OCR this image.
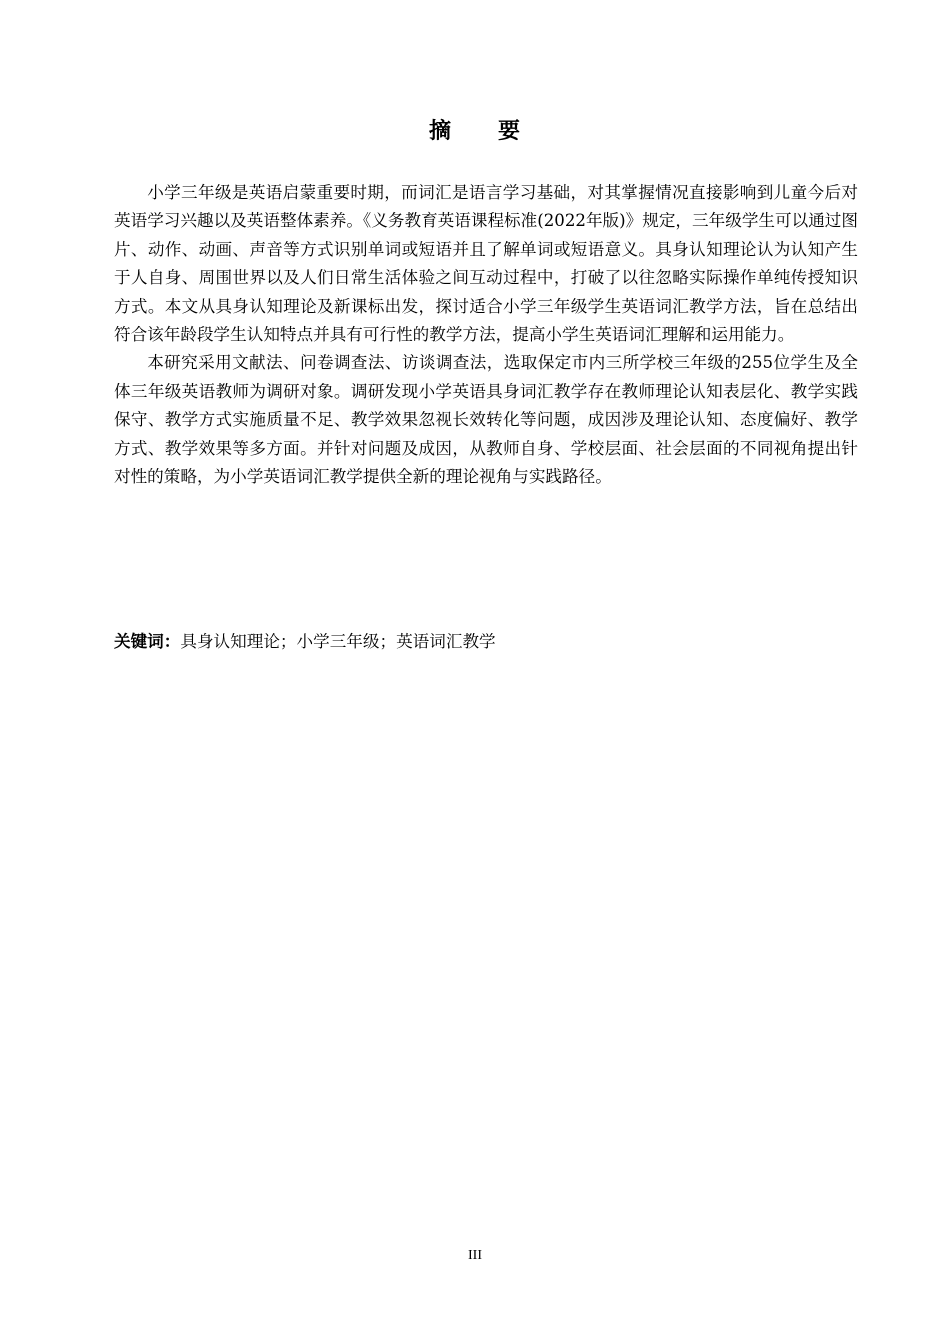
摘 要

小学三年级是英语启蒙重要时期，而词汇是语言学习基础，对其掌握情况直接影响到儿童今后对英语学习兴趣以及英语整体素养。《义务教育英语课程标准(2022年版)》规定，三年级学生可以通过图片、动作、动画、声音等方式识别单词或短语并且了解单词或短语意义。具身认知理论认为认知产生于人自身、周围世界以及人们日常生活体验之间互动过程中，打破了以往忽略实际操作单纯传授知识方式。本文从具身认知理论及新课标出发，探讨适合小学三年级学生英语词汇教学方法，旨在总结出符合该年龄段学生认知特点并具有可行性的教学方法，提高小学生英语词汇理解和运用能力。

本研究采用文献法、问卷调查法、访谈调查法，选取保定市内三所学校三年级的255位学生及全体三年级英语教师为调研对象。调研发现小学英语具身词汇教学存在教师理论认知表层化、教学实践保守、教学方式实施质量不足、教学效果忽视长效转化等问题，成因涉及理论认知、态度偏好、教学方式、教学效果等多方面。并针对问题及成因，从教师自身、学校层面、社会层面的不同视角提出针对性的策略，为小学英语词汇教学提供全新的理论视角与实践路径。

关键词：具身认知理论；小学三年级；英语词汇教学
III
